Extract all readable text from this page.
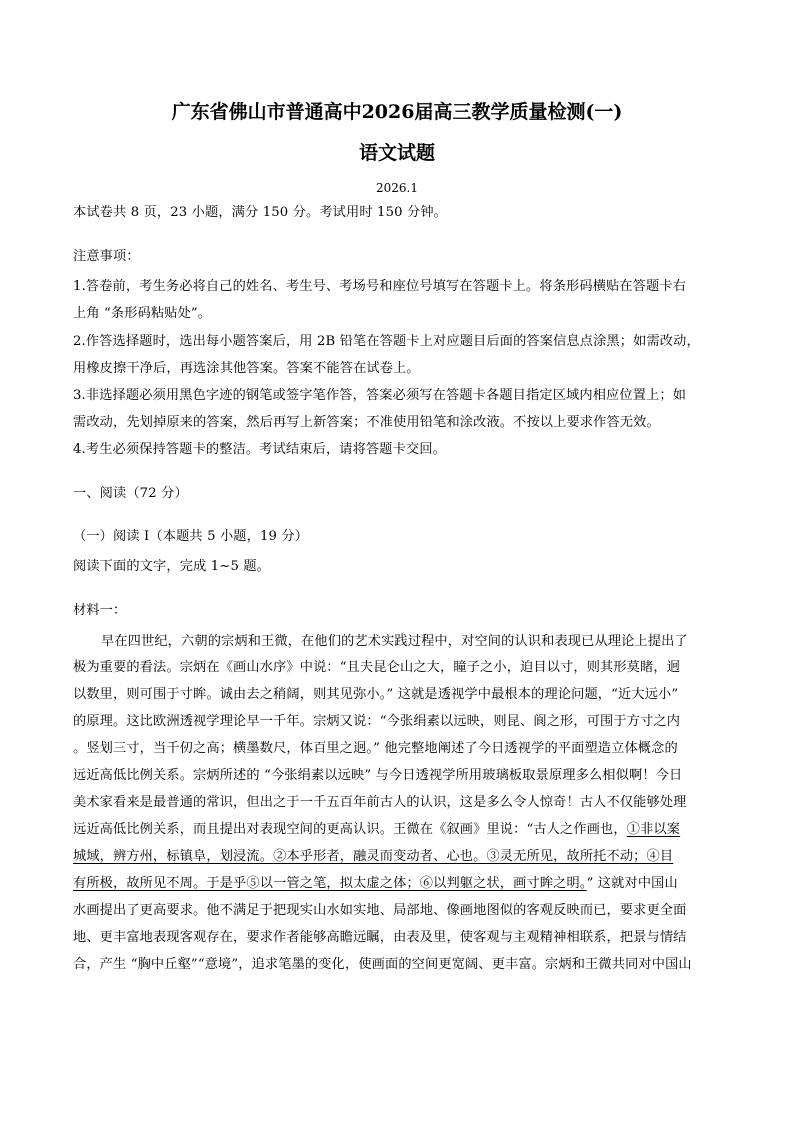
广东省佛山市普通高中2026届高三教学质量检测(一)
语文试题
2026.1
本试卷共 8 页，23 小题，满分 150 分。考试用时 150 分钟。
注意事项：
1.答卷前，考生务必将自己的姓名、考生号、考场号和座位号填写在答题卡上。将条形码横贴在答题卡右
上角 “条形码粘贴处”。
2.作答选择题时，选出每小题答案后，用 2B 铅笔在答题卡上对应题目后面的答案信息点涂黑；如需改动，
用橡皮擦干净后，再选涂其他答案。答案不能答在试卷上。
3.非选择题必须用黑色字迹的钢笔或签字笔作答，答案必须写在答题卡各题目指定区域内相应位置上；如
需改动，先划掉原来的答案，然后再写上新答案；不准使用铅笔和涂改液。不按以上要求作答无效。
4.考生必须保持答题卡的整洁。考试结束后，请将答题卡交回。
一、阅读（72 分）
（一）阅读 I（本题共 5 小题，19 分）
阅读下面的文字，完成 1~5 题。
材料一：
早在四世纪，六朝的宗炳和王微，在他们的艺术实践过程中，对空间的认识和表现已从理论上提出了
极为重要的看法。宗炳在《画山水序》中说：“且夫昆仑山之大，瞳子之小，迫目以寸，则其形莫睹，迥
以数里，则可围于寸眸。诚由去之稍阔，则其见弥小。” 这就是透视学中最根本的理论问题，“近大远小”
的原理。这比欧洲透视学理论早一千年。宗炳又说：“今张绢素以远映，则昆、阆之形，可围于方寸之内
。竖划三寸，当千仞之高；横墨数尺，体百里之迥。” 他完整地阐述了今日透视学的平面塑造立体概念的
远近高低比例关系。宗炳所述的 “今张绢素以远映” 与今日透视学所用玻璃板取景原理多么相似啊！今日
美术家看来是最普通的常识，但出之于一千五百年前古人的认识，这是多么令人惊奇！古人不仅能够处理
远近高低比例关系，而且提出对表现空间的更高认识。王微在《叙画》里说：“古人之作画也，①非以案
城域，辨方州，标镇阜，划浸流。②本乎形者，融灵而变动者、心也。③灵无所见，故所托不动；④目
有所极，故所见不周。于是乎⑤以一管之笔，拟太虚之体；⑥以判躯之状，画寸眸之明。” 这就对中国山
水画提出了更高要求。他不满足于把现实山水如实地、局部地、像画地图似的客观反映而已，要求更全面
地、更丰富地表现客观存在，要求作者能够高瞻远瞩，由表及里，使客观与主观精神相联系，把景与情结
合，产生 “胸中丘壑”“意境”，追求笔墨的变化，使画面的空间更宽阔、更丰富。宗炳和王微共同对中国山
